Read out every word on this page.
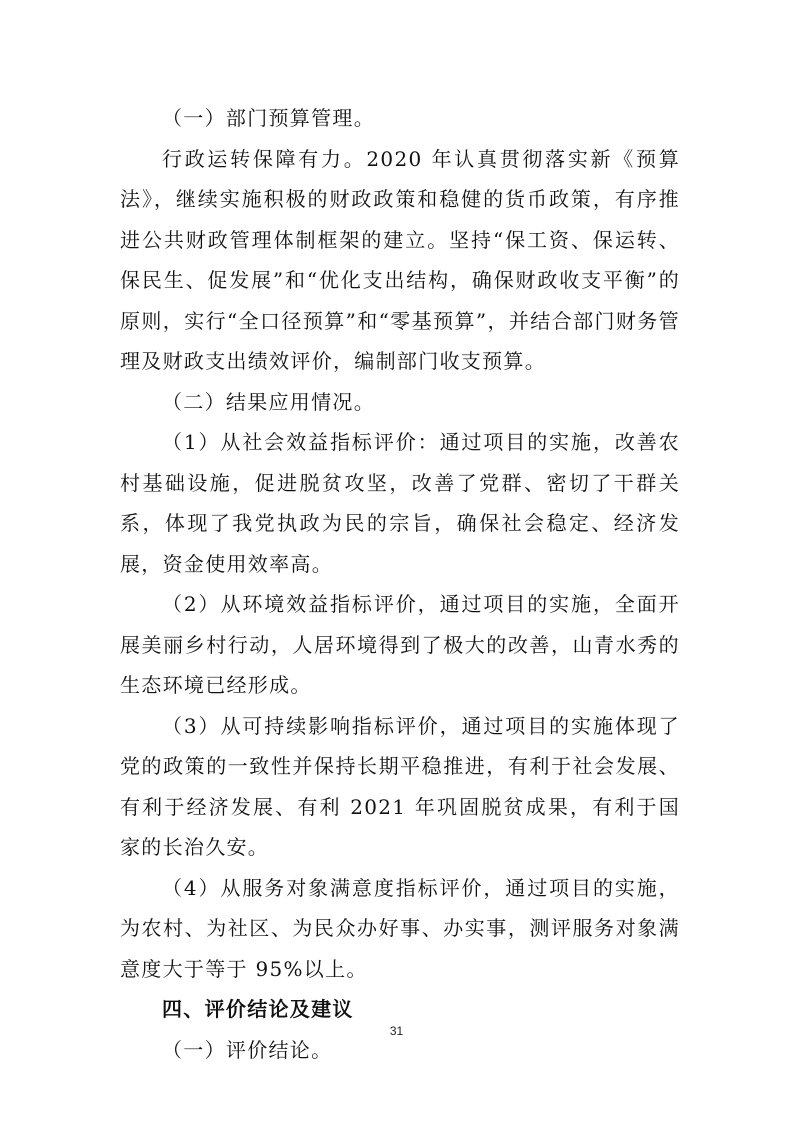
（一）部门预算管理。

行政运转保障有力。2020 年认真贯彻落实新《预算法》，继续实施积极的财政政策和稳健的货币政策，有序推进公共财政管理体制框架的建立。坚持“保工资、保运转、保民生、促发展”和“优化支出结构，确保财政收支平衡”的原则，实行“全口径预算”和“零基预算”，并结合部门财务管理及财政支出绩效评价，编制部门收支预算。

（二）结果应用情况。

（1）从社会效益指标评价：通过项目的实施，改善农村基础设施，促进脱贫攻坚，改善了党群、密切了干群关系，体现了我党执政为民的宗旨，确保社会稳定、经济发展，资金使用效率高。

（2）从环境效益指标评价，通过项目的实施，全面开展美丽乡村行动，人居环境得到了极大的改善，山青水秀的生态环境已经形成。

（3）从可持续影响指标评价，通过项目的实施体现了党的政策的一致性并保持长期平稳推进，有利于社会发展、有利于经济发展、有利 2021 年巩固脱贫成果，有利于国家的长治久安。

（4）从服务对象满意度指标评价，通过项目的实施，为农村、为社区、为民众办好事、办实事，测评服务对象满意度大于等于 95%以上。

四、评价结论及建议

（一）评价结论。

31
